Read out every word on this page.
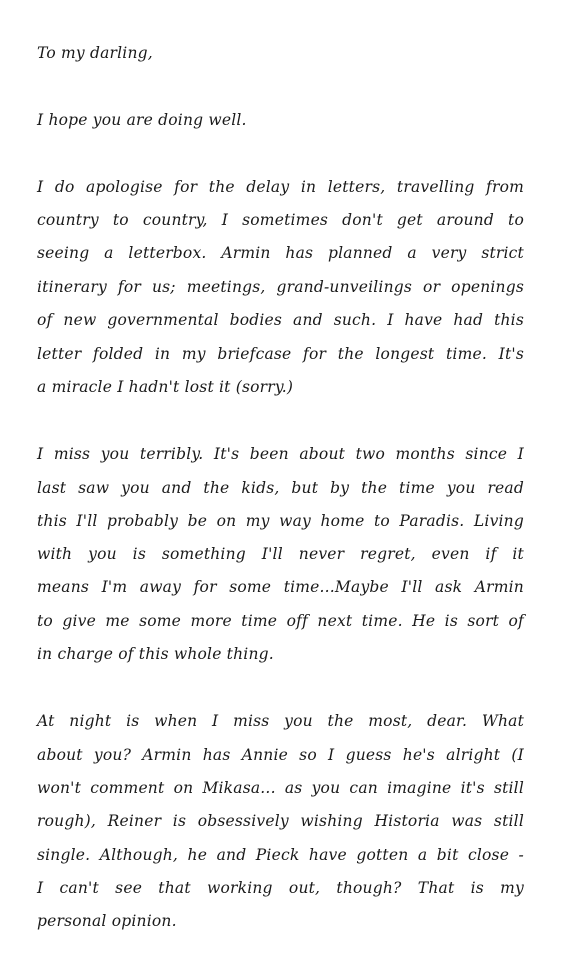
To my darling,
I hope you are doing well.
I do apologise for the delay in letters, travelling from
country to country, I sometimes don't get around to
seeing a letterbox. Armin has planned a very strict
itinerary for us; meetings, grand-unveilings or openings
of new governmental bodies and such. I have had this
letter folded in my briefcase for the longest time. It's
a miracle I hadn't lost it (sorry.)
I miss you terribly. It's been about two months since I
last saw you and the kids, but by the time you read
this I'll probably be on my way home to Paradis. Living
with you is something I'll never regret, even if it
means I'm away for some time...Maybe I'll ask Armin
to give me some more time off next time. He is sort of
in charge of this whole thing.
At night is when I miss you the most, dear. What
about you? Armin has Annie so I guess he's alright (I
won't comment on Mikasa... as you can imagine it's still
rough), Reiner is obsessively wishing Historia was still
single. Although, he and Pieck have gotten a bit close -
I can't see that working out, though? That is my
personal opinion.
